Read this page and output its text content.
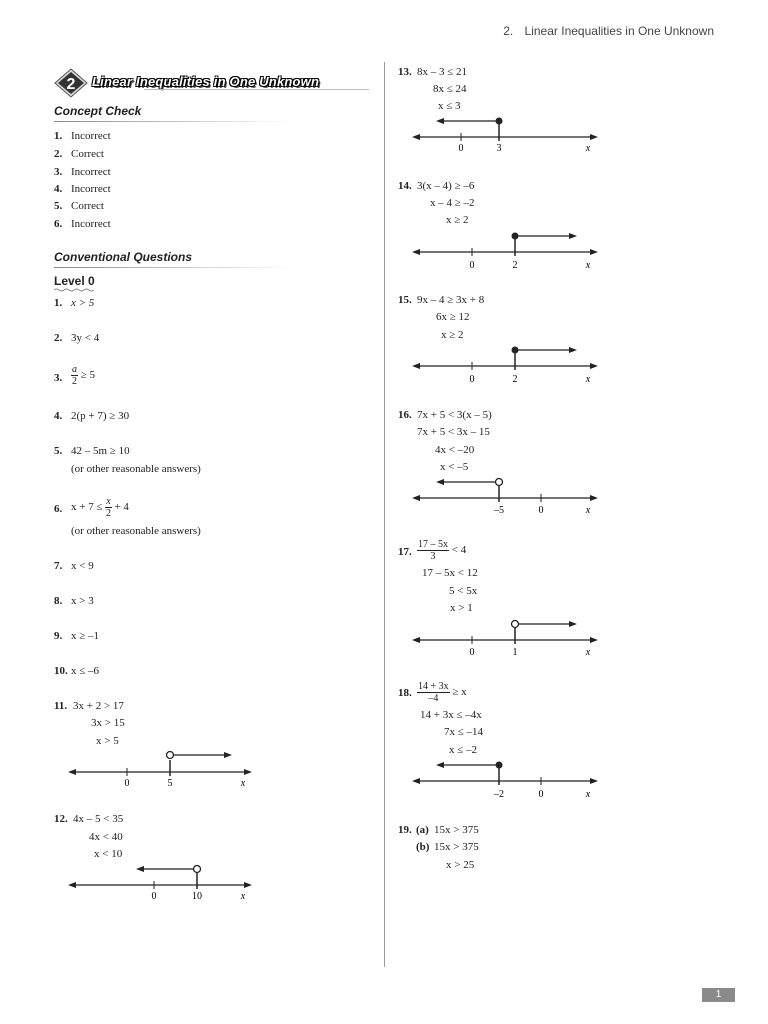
2. Linear Inequalities in One Unknown
2 Linear Inequalities in One Unknown
Concept Check
1. Incorrect
2. Correct
3. Incorrect
4. Incorrect
5. Correct
6. Incorrect
Conventional Questions
Level 0
1. x > 5
2. 3y < 4
3. $\frac{a}{2} \ge 5$
4. 2(p + 7) ≥ 30
5. 42 – 5m ≥ 10
(or other reasonable answers)
6. $x + 7 \le \frac{x}{2} + 4$
(or other reasonable answers)
7. x < 9
8. x > 3
9. x ≥ –1
10. x ≤ –6
11. 3x + 2 > 17
3x > 15
x > 5
0	5	x
12. 4x – 5 < 35
4x < 40
x < 10
0	10	x
13. 8x – 3 ≤ 21
8x ≤ 24
x ≤ 3
0	3	x
14. 3(x – 4) ≥ –6
x – 4 ≥ –2
x ≥ 2
0	2	x
15. 9x – 4 ≥ 3x + 8
6x ≥ 12
x ≥ 2
0	2	x
16. 7x + 5 < 3(x – 5)
7x + 5 < 3x – 15
4x < –20
x < –5
–5	0	x
17. $\frac{17 - 5x}{3} < 4$
17 – 5x < 12
5 < 5x
x > 1
0	1	x
18. $\frac{14 + 3x}{-4} \ge x$
14 + 3x ≤ –4x
7x ≤ –14
x ≤ –2
–2	0	x
19. (a) 15x > 375
(b) 15x > 375
x > 25
1
